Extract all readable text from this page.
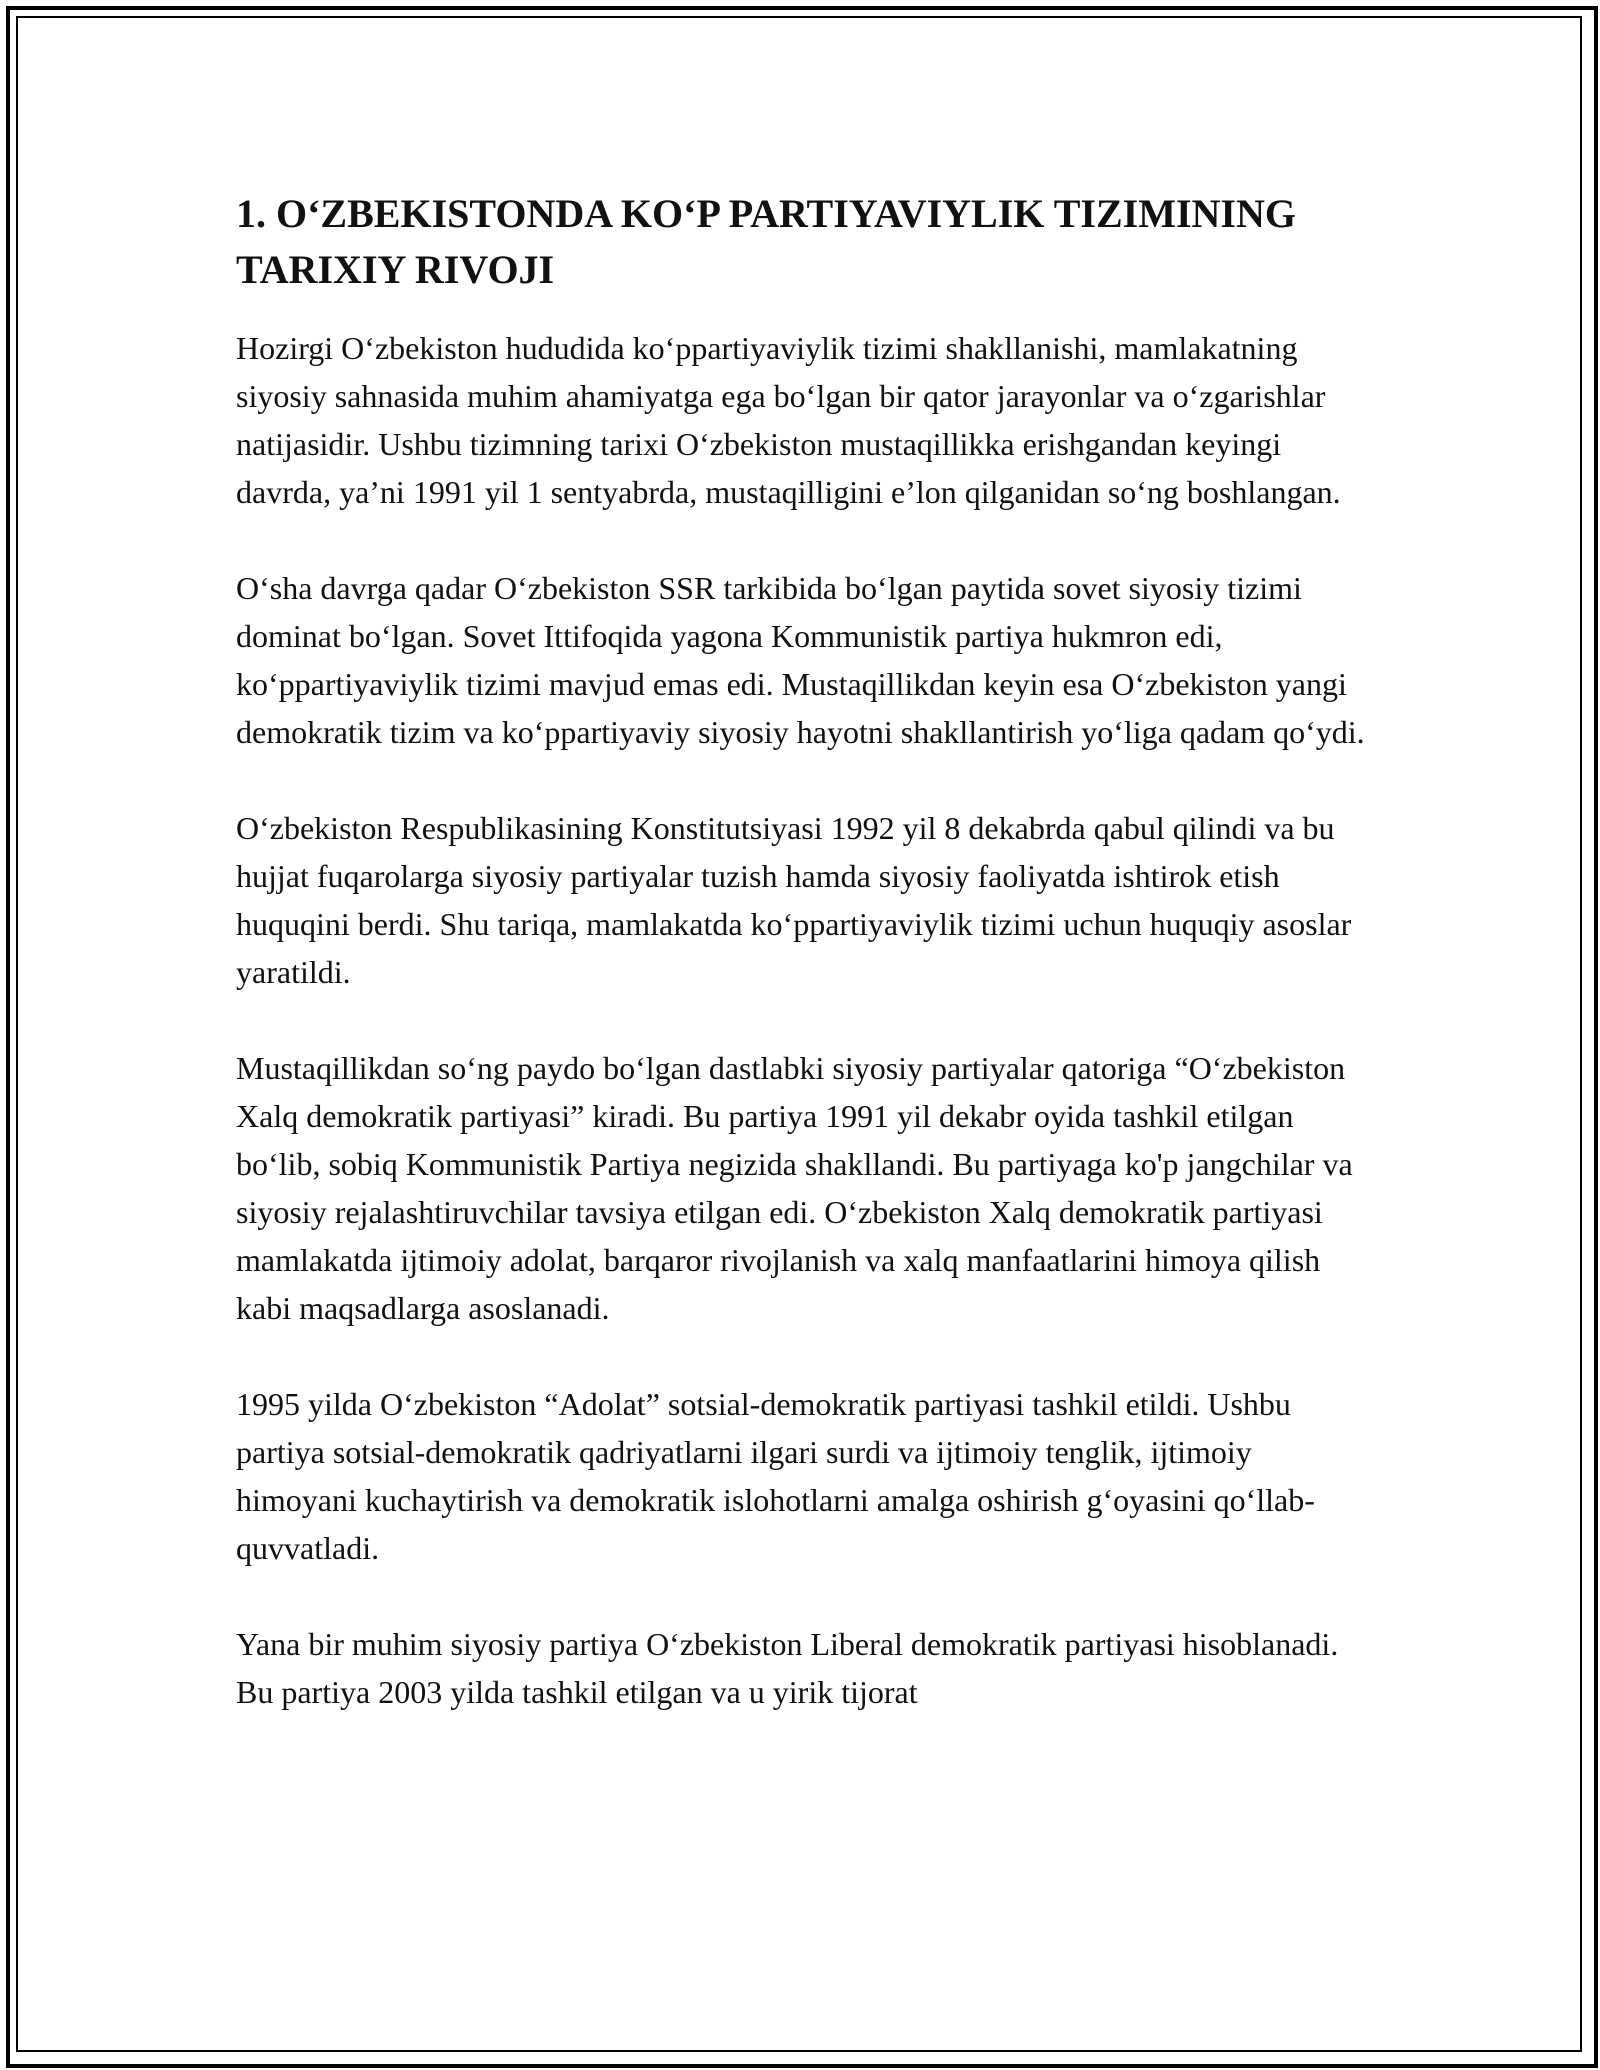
1. O‘ZBEKISTONDA KO‘P PARTIYAVIYLIK TIZIMINING
TARIXIY RIVOJI

Hozirgi O‘zbekiston hududida ko‘ppartiyaviylik tizimi shakllanishi, mamlakatning siyosiy sahnasida muhim ahamiyatga ega bo‘lgan bir qator jarayonlar va o‘zgarishlar natijasidir. Ushbu tizimning tarixi O‘zbekiston mustaqillikka erishgandan keyingi davrda, ya’ni 1991 yil 1 sentyabrda, mustaqilligini e’lon qilganidan so‘ng boshlangan.

O‘sha davrga qadar O‘zbekiston SSR tarkibida bo‘lgan paytida sovet siyosiy tizimi dominat bo‘lgan. Sovet Ittifoqida yagona Kommunistik partiya hukmron edi, ko‘ppartiyaviylik tizimi mavjud emas edi. Mustaqillikdan keyin esa O‘zbekiston yangi demokratik tizim va ko‘ppartiyaviy siyosiy hayotni shakllantirish yo‘liga qadam qo‘ydi.

O‘zbekiston Respublikasining Konstitutsiyasi 1992 yil 8 dekabrda qabul qilindi va bu hujjat fuqarolarga siyosiy partiyalar tuzish hamda siyosiy faoliyatda ishtirok etish huquqini berdi. Shu tariqa, mamlakatda ko‘ppartiyaviylik tizimi uchun huquqiy asoslar yaratildi.

Mustaqillikdan so‘ng paydo bo‘lgan dastlabki siyosiy partiyalar qatoriga “O‘zbekiston Xalq demokratik partiyasi” kiradi. Bu partiya 1991 yil dekabr oyida tashkil etilgan bo‘lib, sobiq Kommunistik Partiya negizida shakllandi. Bu partiyaga ko'p jangchilar va siyosiy rejalashtiruvchilar tavsiya etilgan edi. O‘zbekiston Xalq demokratik partiyasi mamlakatda ijtimoiy adolat, barqaror rivojlanish va xalq manfaatlarini himoya qilish kabi maqsadlarga asoslanadi.

1995 yilda O‘zbekiston “Adolat” sotsial-demokratik partiyasi tashkil etildi. Ushbu partiya sotsial-demokratik qadriyatlarni ilgari surdi va ijtimoiy tenglik, ijtimoiy himoyani kuchaytirish va demokratik islohotlarni amalga oshirish g‘oyasini qo‘llab-quvvatladi.

Yana bir muhim siyosiy partiya O‘zbekiston Liberal demokratik partiyasi hisoblanadi. Bu partiya 2003 yilda tashkil etilgan va u yirik tijorat
